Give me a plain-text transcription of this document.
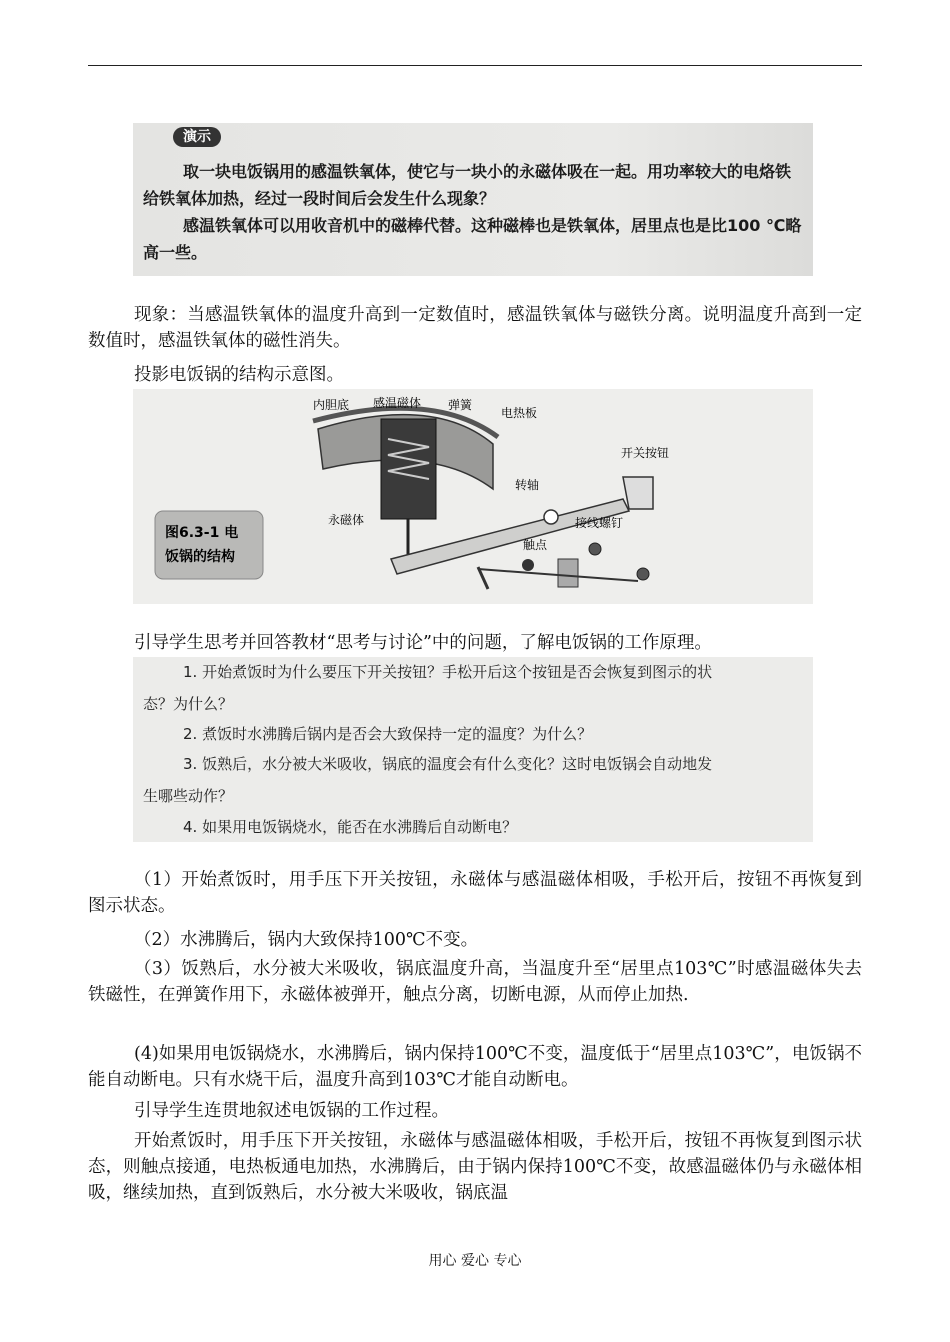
演示

取一块电饭锅用的感温铁氧体，使它与一块小的永磁体吸在一起。用功率较大的电烙铁给铁氧体加热，经过一段时间后会发生什么现象？

感温铁氧体可以用收音机中的磁棒代替。这种磁棒也是铁氧体，居里点也是比100 ℃略高一些。

现象：当感温铁氧体的温度升高到一定数值时，感温铁氧体与磁铁分离。说明温度升高到一定数值时，感温铁氧体的磁性消失。

投影电饭锅的结构示意图。

内胆底 感温磁体 弹簧
电热板
开关按钮
转轴
永磁体	接线螺钉
触点
图6.3-1 电
饭锅的结构

引导学生思考并回答教材“思考与讨论”中的问题，了解电饭锅的工作原理。

1. 开始煮饭时为什么要压下开关按钮？手松开后这个按钮是否会恢复到图示的状

态？为什么？

2. 煮饭时水沸腾后锅内是否会大致保持一定的温度？为什么？

3. 饭熟后，水分被大米吸收，锅底的温度会有什么变化？这时电饭锅会自动地发

生哪些动作？

4. 如果用电饭锅烧水，能否在水沸腾后自动断电？

（1）开始煮饭时，用手压下开关按钮，永磁体与感温磁体相吸，手松开后，按钮不再恢复到图示状态。

（2）水沸腾后，锅内大致保持100℃不变。

（3）饭熟后，水分被大米吸收，锅底温度升高，当温度升至“居里点103℃”时感温磁体失去铁磁性，在弹簧作用下，永磁体被弹开，触点分离，切断电源，从而停止加热.

(4)如果用电饭锅烧水，水沸腾后，锅内保持100℃不变，温度低于“居里点103℃”，电饭锅不能自动断电。只有水烧干后，温度升高到103℃才能自动断电。

引导学生连贯地叙述电饭锅的工作过程。

开始煮饭时，用手压下开关按钮，永磁体与感温磁体相吸，手松开后，按钮不再恢复到图示状态，则触点接通，电热板通电加热，水沸腾后，由于锅内保持100℃不变，故感温磁体仍与永磁体相吸，继续加热，直到饭熟后，水分被大米吸收，锅底温

用心 爱心 专心
